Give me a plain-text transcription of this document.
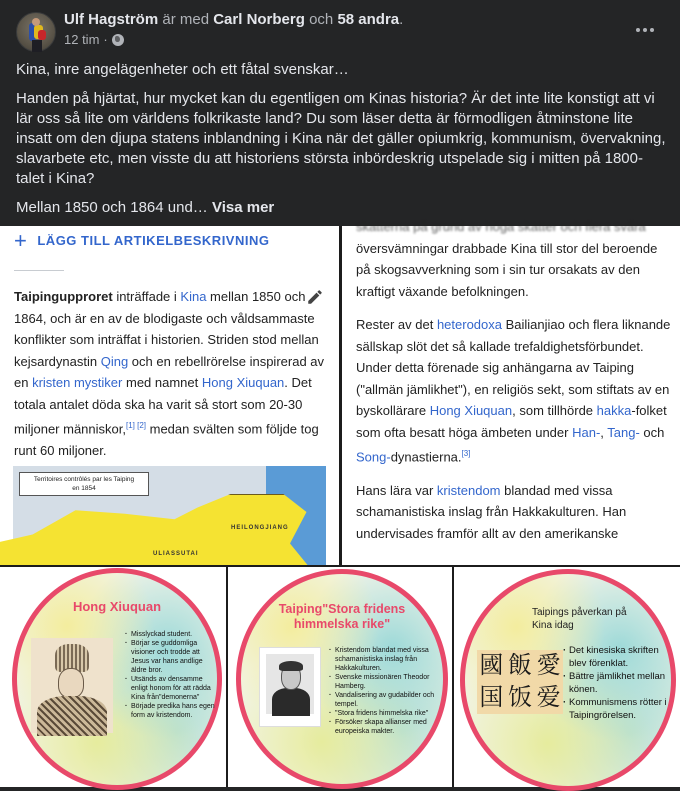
Ulf Hagström är med Carl Norberg och 58 andra.
12 tim ·

Kina, inre angelägenheter och ett fåtal svenskar…

Handen på hjärtat, hur mycket kan du egentligen om Kinas historia? Är det inte lite konstigt att vi lär oss så lite om världens folkrikaste land? Du som läser detta är förmodligen åtminstone lite insatt om den djupa statens inblandning i Kina när det gäller opiumkrig, kommunism, övervakning, slavarbete etc, men visste du att historiens största inbördeskrig utspelade sig i mitten på 1800-talet i Kina?

Mellan 1850 och 1864 und… Visa mer

+ LÄGG TILL ARTIKELBESKRIVNING
Taipingupproret inträffade i Kina mellan 1850 och 1864, och är en av de blodigaste och våldsammaste konflikter som inträffat i historien. Striden stod mellan kejsardynastin Qing och en rebellrörelse inspirerad av en kristen mystiker med namnet Hong Xiuquan. Det totala antalet döda ska ha varit så stort som 20-30 miljoner människor,[1] [2] medan svälten som följde tog runt 60 miljoner.
Territoires contrôlés par les Taiping
en 1854
ULIASSUTAI
HEILONGJIANG

skatterna på grund av höga skatter och flera svåra

översvämningar drabbade Kina till stor del beroende på skogsavverkning som i sin tur orsakats av den kraftigt växande befolkningen.

Rester av det heterodoxa Bailianjiao och flera liknande sällskap slöt det så kallade trefaldighetsförbundet. Under detta förenade sig anhängarna av Taiping ("allmän jämlikhet"), en religiös sekt, som stiftats av en byskollärare Hong Xiuquan, som tillhörde hakka-folket som ofta besatt höga ämbeten under Han-, Tang- och Song-dynastierna.[3]

Hans lära var kristendom blandad med vissa schamanistiska inslag från Hakkakulturen. Han undervisades framför allt av den amerikanske

Hong Xiuquan
· Misslyckad student.
· Börjar se guddomliga visioner och trodde att Jesus var hans andlige äldre bror.
· Utsänds av densamme enligt honom för att rädda Kina från"demonerna"
· Började predika hans egen form av kristendom.
Taiping"Stora fridens
himmelska rike"
· Kristendom blandat med vissa schamanistiska inslag från Hakkakulturen.
· Svenske missionären Theodor Hamberg.
· Vandalisering av gudabilder och tempel.
· "Stora fridens himmelska rike"
· Försöker skapa allianser med europeiska makter.
Taipings påverkan på
Kina idag
國 飯 愛
国 饭 爱
· Det kinesiska skriften blev förenklat.
· Bättre jämlikhet mellan könen.
· Kommunismens rötter i Taipingrörelsen.
